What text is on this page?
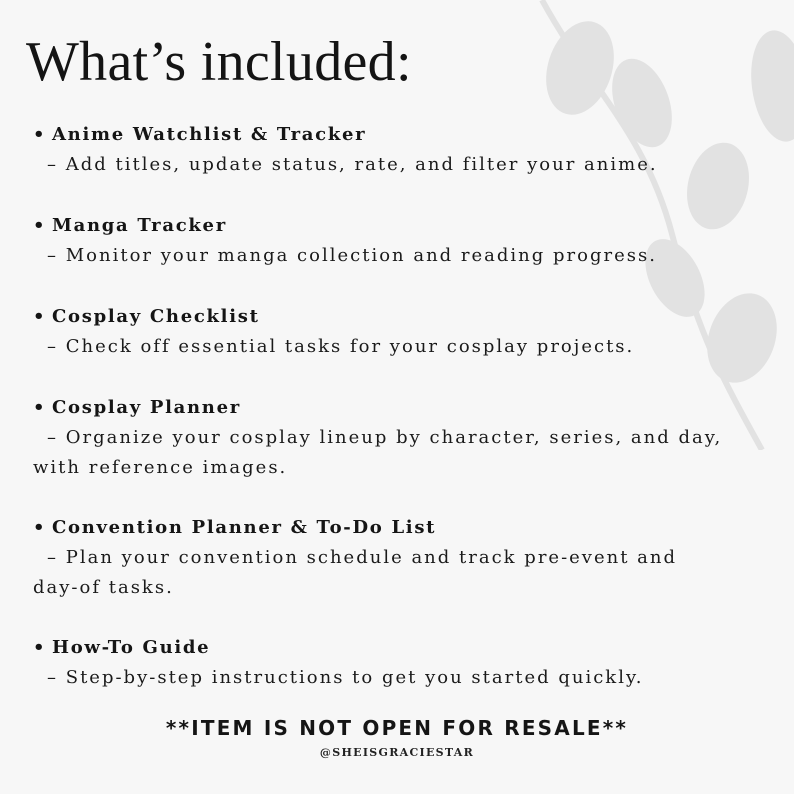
What’s included:
• Anime Watchlist & Tracker
– Add titles, update status, rate, and filter your anime.
• Manga Tracker
– Monitor your manga collection and reading progress.
• Cosplay Checklist
– Check off essential tasks for your cosplay projects.
• Cosplay Planner
– Organize your cosplay lineup by character, series, and day, with reference images.
• Convention Planner & To-Do List
– Plan your convention schedule and track pre-event and day-of tasks.
• How-To Guide
– Step-by-step instructions to get you started quickly.
**ITEM IS NOT OPEN FOR RESALE**
@SHEISGRACIESTAR
